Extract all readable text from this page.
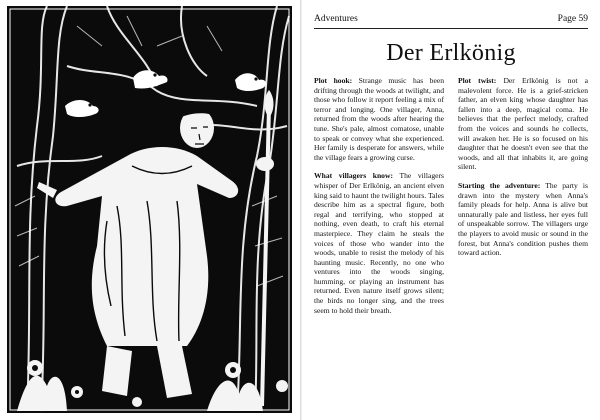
Adventures	Page 59
Der Erlkönig

Plot hook: Strange music has been drifting through the woods at twilight, and those who follow it report feeling a mix of terror and longing. One villager, Anna, returned from the woods after hearing the tune. She's pale, almost comatose, unable to speak or convey what she experienced. Her family is desperate for answers, while the village fears a growing curse.

What villagers know: The villagers whisper of Der Erlkönig, an ancient elven king said to haunt the twilight hours. Tales describe him as a spectral figure, both regal and terrifying, who stopped at nothing, even death, to craft his eternal masterpiece. They claim he steals the voices of those who wander into the woods, unable to resist the melody of his haunting music. Recently, no one who ventures into the woods singing, humming, or playing an instrument has returned. Even nature itself grows silent; the birds no longer sing, and the trees seem to hold their breath.

Plot twist: Der Erlkönig is not a malevolent force. He is a grief-stricken father, an elven king whose daughter has fallen into a deep, magical coma. He believes that the perfect melody, crafted from the voices and sounds he collects, will awaken her. He is so focused on his daughter that he doesn't even see that the woods, and all that inhabits it, are going silent.

Starting the adventure: The party is drawn into the mystery when Anna's family pleads for help. Anna is alive but unnaturally pale and listless, her eyes full of unspeakable sorrow. The villagers urge the players to avoid music or sound in the forest, but Anna's condition pushes them toward action.
